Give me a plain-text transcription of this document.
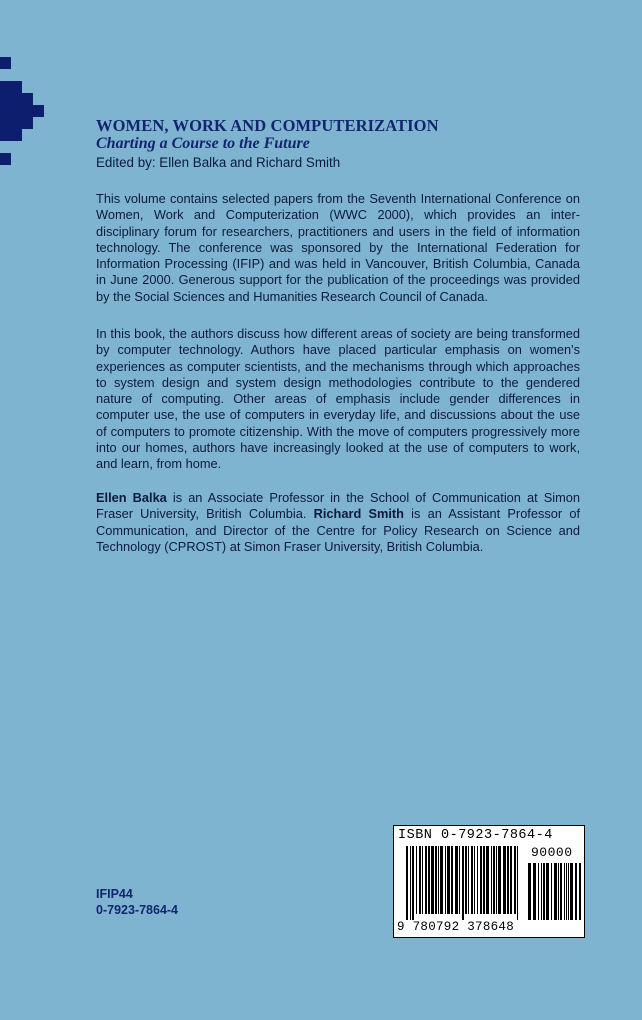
WOMEN, WORK AND COMPUTERIZATION
Charting a Course to the Future
Edited by: Ellen Balka and Richard Smith

This volume contains selected papers from the Seventh International Conference on Women, Work and Computerization (WWC 2000), which provides an inter-disciplinary forum for researchers, practitioners and users in the field of information technology. The conference was sponsored by the International Federation for Information Processing (IFIP) and was held in Vancouver, British Columbia, Canada in June 2000. Generous support for the publication of the proceedings was provided by the Social Sciences and Humanities Research Council of Canada.

In this book, the authors discuss how different areas of society are being transformed by computer technology. Authors have placed particular emphasis on women's experiences as computer scientists, and the mechanisms through which approaches to system design and system design methodologies contribute to the gendered nature of computing. Other areas of emphasis include gender differences in computer use, the use of computers in everyday life, and discussions about the use of computers to promote citizenship. With the move of computers progressively more into our homes, authors have increasingly looked at the use of computers to work, and learn, from home.

Ellen Balka is an Associate Professor in the School of Communication at Simon Fraser University, British Columbia. Richard Smith is an Assistant Professor of Communication, and Director of the Centre for Policy Research on Science and Technology (CPROST) at Simon Fraser University, British Columbia.

IFIP44
0-7923-7864-4
ISBN 0-7923-7864-4
90000
9 780792 378648
